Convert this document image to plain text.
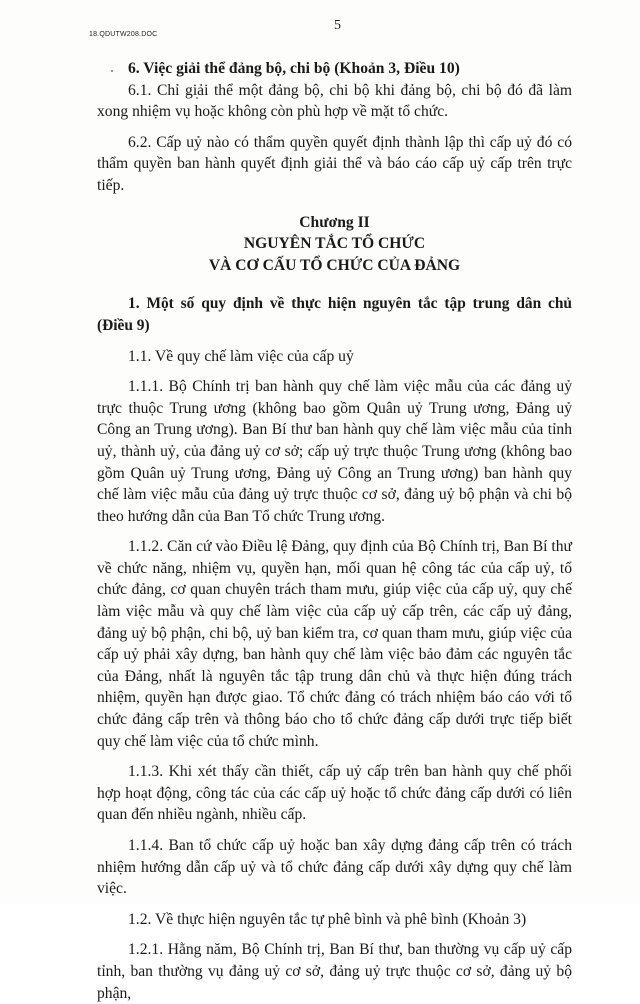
18.QDUTW208.DOC
5

6. Việc giải thể đảng bộ, chi bộ (Khoản 3, Điều 10)

6.1. Chỉ giải thể một đảng bộ, chi bộ khi đảng bộ, chi bộ đó đã làm xong nhiệm vụ hoặc không còn phù hợp về mặt tổ chức.

6.2. Cấp uỷ nào có thẩm quyền quyết định thành lập thì cấp uỷ đó có thẩm quyền ban hành quyết định giải thể và báo cáo cấp uỷ cấp trên trực tiếp.

Chương II

NGUYÊN TẮC TỔ CHỨC

VÀ CƠ CẤU TỔ CHỨC CỦA ĐẢNG

1. Một số quy định về thực hiện nguyên tắc tập trung dân chủ (Điều 9)

1.1. Về quy chế làm việc của cấp uỷ

1.1.1. Bộ Chính trị ban hành quy chế làm việc mẫu của các đảng uỷ trực thuộc Trung ương (không bao gồm Quân uỷ Trung ương, Đảng uỷ Công an Trung ương). Ban Bí thư ban hành quy chế làm việc mẫu của tỉnh uỷ, thành uỷ, của đảng uỷ cơ sở; cấp uỷ trực thuộc Trung ương (không bao gồm Quân uỷ Trung ương, Đảng uỷ Công an Trung ương) ban hành quy chế làm việc mẫu của đảng uỷ trực thuộc cơ sở, đảng uỷ bộ phận và chi bộ theo hướng dẫn của Ban Tổ chức Trung ương.

1.1.2. Căn cứ vào Điều lệ Đảng, quy định của Bộ Chính trị, Ban Bí thư về chức năng, nhiệm vụ, quyền hạn, mối quan hệ công tác của cấp uỷ, tổ chức đảng, cơ quan chuyên trách tham mưu, giúp việc của cấp uỷ, quy chế làm việc mẫu và quy chế làm việc của cấp uỷ cấp trên, các cấp uỷ đảng, đảng uỷ bộ phận, chi bộ, uỷ ban kiểm tra, cơ quan tham mưu, giúp việc của cấp uỷ phải xây dựng, ban hành quy chế làm việc bảo đảm các nguyên tắc của Đảng, nhất là nguyên tắc tập trung dân chủ và thực hiện đúng trách nhiệm, quyền hạn được giao. Tổ chức đảng có trách nhiệm báo cáo với tổ chức đảng cấp trên và thông báo cho tổ chức đảng cấp dưới trực tiếp biết quy chế làm việc của tổ chức mình.

1.1.3. Khi xét thấy cần thiết, cấp uỷ cấp trên ban hành quy chế phối hợp hoạt động, công tác của các cấp uỷ hoặc tổ chức đảng cấp dưới có liên quan đến nhiều ngành, nhiều cấp.

1.1.4. Ban tổ chức cấp uỷ hoặc ban xây dựng đảng cấp trên có trách nhiệm hướng dẫn cấp uỷ và tổ chức đảng cấp dưới xây dựng quy chế làm việc.

1.2. Về thực hiện nguyên tắc tự phê bình và phê bình (Khoản 3)

1.2.1. Hằng năm, Bộ Chính trị, Ban Bí thư, ban thường vụ cấp uỷ cấp tỉnh, ban thường vụ đảng uỷ cơ sở, đảng uỷ trực thuộc cơ sở, đảng uỷ bộ phận,
